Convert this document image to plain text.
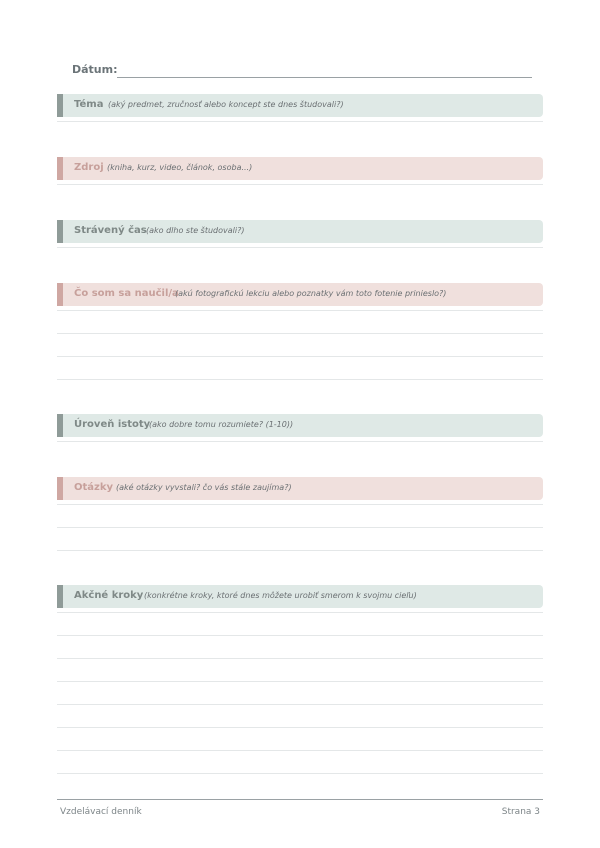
Dátum:
Téma (aký predmet, zručnosť alebo koncept ste dnes študovali?)
Zdroj (kniha, kurz, video, článok, osoba...)
Strávený čas (ako dlho ste študovali?)
Čo som sa naučil/a
(akú fotografickú lekciu alebo poznatky vám toto fotenie prinieslo?)
Úroveň istoty
(ako dobre tomu rozumiete? (1-10))
Otázky (aké otázky vyvstali? čo vás stále zaujíma?)
Akčné kroky (konkrétne kroky, ktoré dnes môžete urobiť smerom k svojmu cieľu)
Vzdelávací denník	Strana 3
